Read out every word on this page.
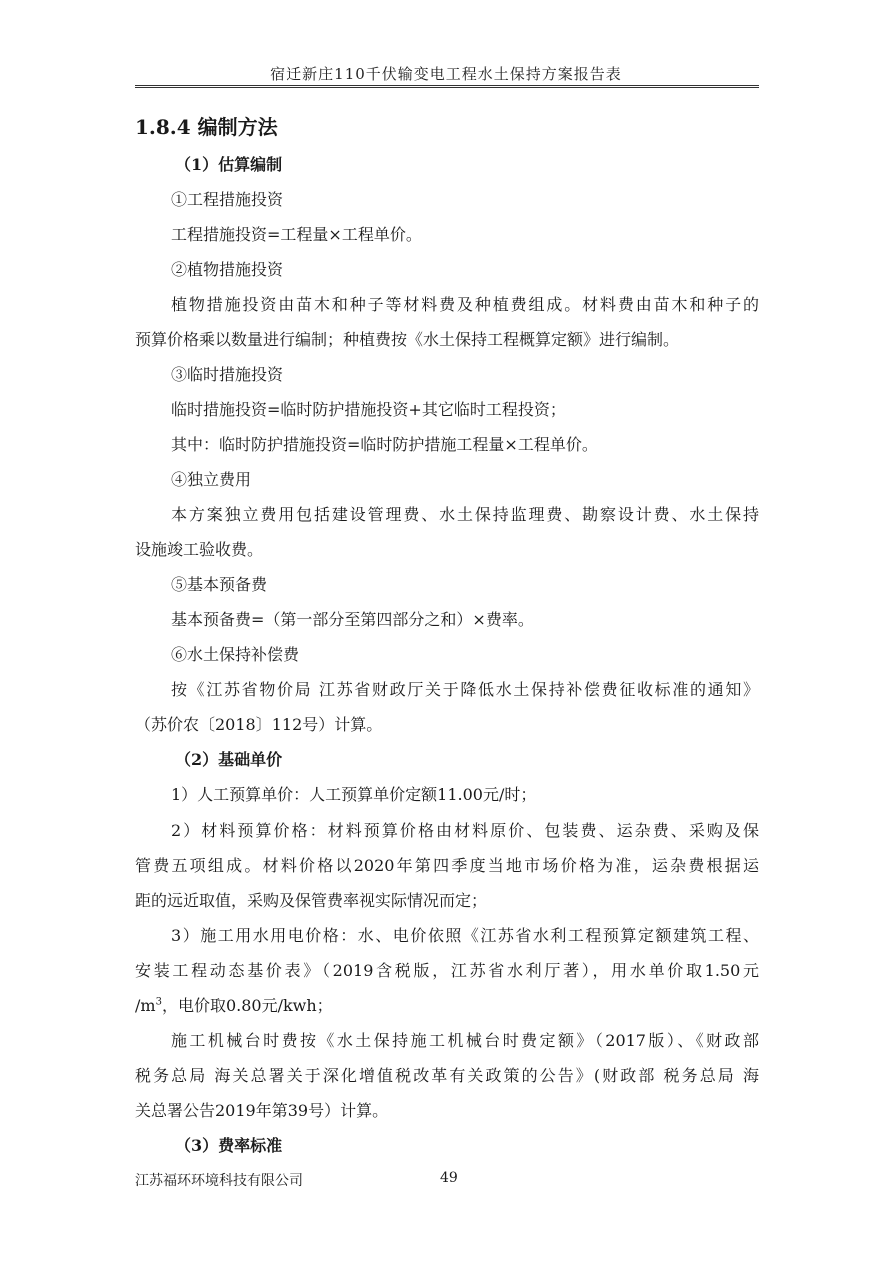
宿迁新庄110千伏输变电工程水土保持方案报告表
1.8.4 编制方法
（1）估算编制
①工程措施投资
工程措施投资=工程量×工程单价。
②植物措施投资
植物措施投资由苗木和种子等材料费及种植费组成。材料费由苗木和种子的
预算价格乘以数量进行编制；种植费按《水土保持工程概算定额》进行编制。
③临时措施投资
临时措施投资=临时防护措施投资+其它临时工程投资；
其中：临时防护措施投资=临时防护措施工程量×工程单价。
④独立费用
本方案独立费用包括建设管理费、水土保持监理费、勘察设计费、水土保持
设施竣工验收费。
⑤基本预备费
基本预备费=（第一部分至第四部分之和）×费率。
⑥水土保持补偿费
按《江苏省物价局 江苏省财政厅关于降低水土保持补偿费征收标准的通知》
（苏价农〔2018〕112号）计算。
（2）基础单价
1）人工预算单价：人工预算单价定额11.00元/时；
2）材料预算价格：材料预算价格由材料原价、包装费、运杂费、采购及保
管费五项组成。材料价格以2020年第四季度当地市场价格为准，运杂费根据运
距的远近取值，采购及保管费率视实际情况而定；
3）施工用水用电价格：水、电价依照《江苏省水利工程预算定额建筑工程、
安装工程动态基价表》（2019含税版，江苏省水利厅著），用水单价取1.50元
$/m^3$，电价取0.80元/kwh；
施工机械台时费按《水土保持施工机械台时费定额》（2017版）、《财政部
税务总局 海关总署关于深化增值税改革有关政策的公告》(财政部 税务总局 海
关总署公告2019年第39号）计算。
（3）费率标准
江苏福环环境科技有限公司	49
